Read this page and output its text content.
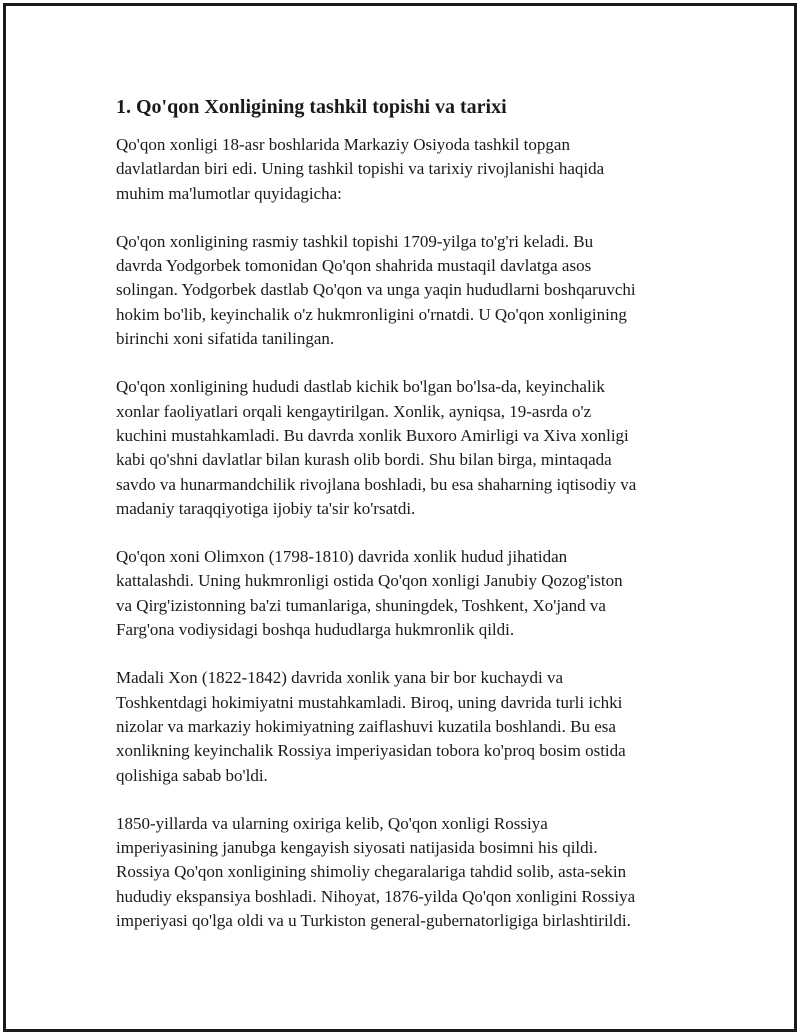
1. Qo'qon Xonligining tashkil topishi va tarixi

Qo'qon xonligi 18-asr boshlarida Markaziy Osiyoda tashkil topgan
davlatlardan biri edi. Uning tashkil topishi va tarixiy rivojlanishi haqida
muhim ma'lumotlar quyidagicha:

Qo'qon xonligining rasmiy tashkil topishi 1709-yilga to'g'ri keladi. Bu
davrda Yodgorbek tomonidan Qo'qon shahrida mustaqil davlatga asos
solingan. Yodgorbek dastlab Qo'qon va unga yaqin hududlarni boshqaruvchi
hokim bo'lib, keyinchalik o'z hukmronligini o'rnatdi. U Qo'qon xonligining
birinchi xoni sifatida tanilingan.

Qo'qon xonligining hududi dastlab kichik bo'lgan bo'lsa-da, keyinchalik
xonlar faoliyatlari orqali kengaytirilgan. Xonlik, ayniqsa, 19-asrda o'z
kuchini mustahkamladi. Bu davrda xonlik Buxoro Amirligi va Xiva xonligi
kabi qo'shni davlatlar bilan kurash olib bordi. Shu bilan birga, mintaqada
savdo va hunarmandchilik rivojlana boshladi, bu esa shaharning iqtisodiy va
madaniy taraqqiyotiga ijobiy ta'sir ko'rsatdi.

Qo'qon xoni Olimxon (1798-1810) davrida xonlik hudud jihatidan
kattalashdi. Uning hukmronligi ostida Qo'qon xonligi Janubiy Qozog'iston
va Qirg'izistonning ba'zi tumanlariga, shuningdek, Toshkent, Xo'jand va
Farg'ona vodiysidagi boshqa hududlarga hukmronlik qildi.

Madali Xon (1822-1842) davrida xonlik yana bir bor kuchaydi va
Toshkentdagi hokimiyatni mustahkamladi. Biroq, uning davrida turli ichki
nizolar va markaziy hokimiyatning zaiflashuvi kuzatila boshlandi. Bu esa
xonlikning keyinchalik Rossiya imperiyasidan tobora ko'proq bosim ostida
qolishiga sabab bo'ldi.

1850-yillarda va ularning oxiriga kelib, Qo'qon xonligi Rossiya
imperiyasining janubga kengayish siyosati natijasida bosimni his qildi.
Rossiya Qo'qon xonligining shimoliy chegaralariga tahdid solib, asta-sekin
hududiy ekspansiya boshladi. Nihoyat, 1876-yilda Qo'qon xonligini Rossiya
imperiyasi qo'lga oldi va u Turkiston general-gubernatorligiga birlashtirildi.
